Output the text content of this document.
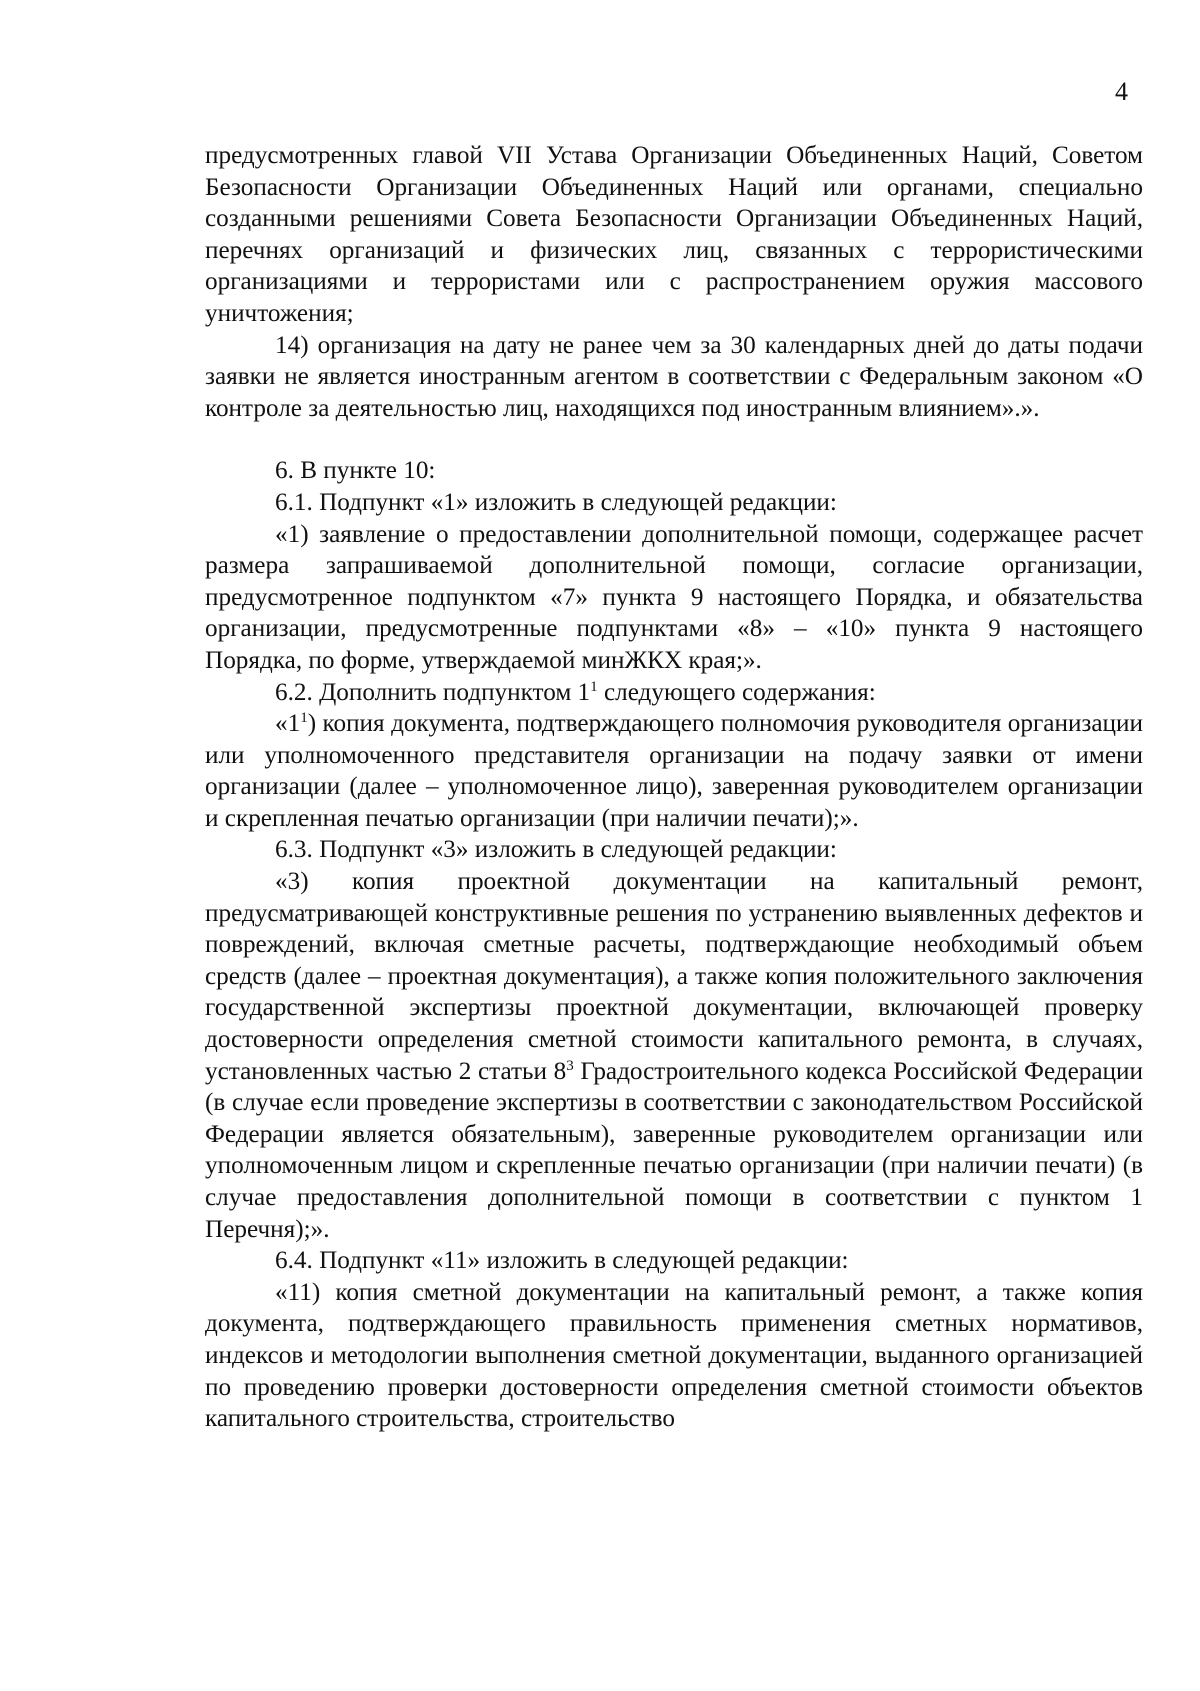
4

предусмотренных главой VII Устава Организации Объединенных Наций, Советом Безопасности Организации Объединенных Наций или органами, специально созданными решениями Совета Безопасности Организации Объединенных Наций, перечнях организаций и физических лиц, связанных с террористическими организациями и террористами или с распространением оружия массового уничтожения;

14) организация на дату не ранее чем за 30 календарных дней до даты подачи заявки не является иностранным агентом в соответствии с Федеральным законом «О контроле за деятельностью лиц, находящихся под иностранным влиянием».».

6. В пункте 10:

6.1. Подпункт «1» изложить в следующей редакции:

«1) заявление о предоставлении дополнительной помощи, содержащее расчет размера запрашиваемой дополнительной помощи, согласие организации, предусмотренное подпунктом «7» пункта 9 настоящего Порядка, и обязательства организации, предусмотренные подпунктами «8» – «10» пункта 9 настоящего Порядка, по форме, утверждаемой минЖКХ края;».

6.2. Дополнить подпунктом $1^1$ следующего содержания:

«$1^1$) копия документа, подтверждающего полномочия руководителя организации или уполномоченного представителя организации на подачу заявки от имени организации (далее – уполномоченное лицо), заверенная руководителем организации и скрепленная печатью организации (при наличии печати);».

6.3. Подпункт «3» изложить в следующей редакции:

«3) копия проектной документации на капитальный ремонт, предусматривающей конструктивные решения по устранению выявленных дефектов и повреждений, включая сметные расчеты, подтверждающие необходимый объем средств (далее – проектная документация), а также копия положительного заключения государственной экспертизы проектной документации, включающей проверку достоверности определения сметной стоимости капитального ремонта, в случаях, установленных частью 2 статьи $8^3$ Градостроительного кодекса Российской Федерации (в случае если проведение экспертизы в соответствии с законодательством Российской Федерации является обязательным), заверенные руководителем организации или уполномоченным лицом и скрепленные печатью организации (при наличии печати) (в случае предоставления дополнительной помощи в соответствии с пунктом 1 Перечня);».

6.4. Подпункт «11» изложить в следующей редакции:

«11) копия сметной документации на капитальный ремонт, а также копия документа, подтверждающего правильность применения сметных нормативов, индексов и методологии выполнения сметной документации, выданного организацией по проведению проверки достоверности определения сметной стоимости объектов капитального строительства, строительство
